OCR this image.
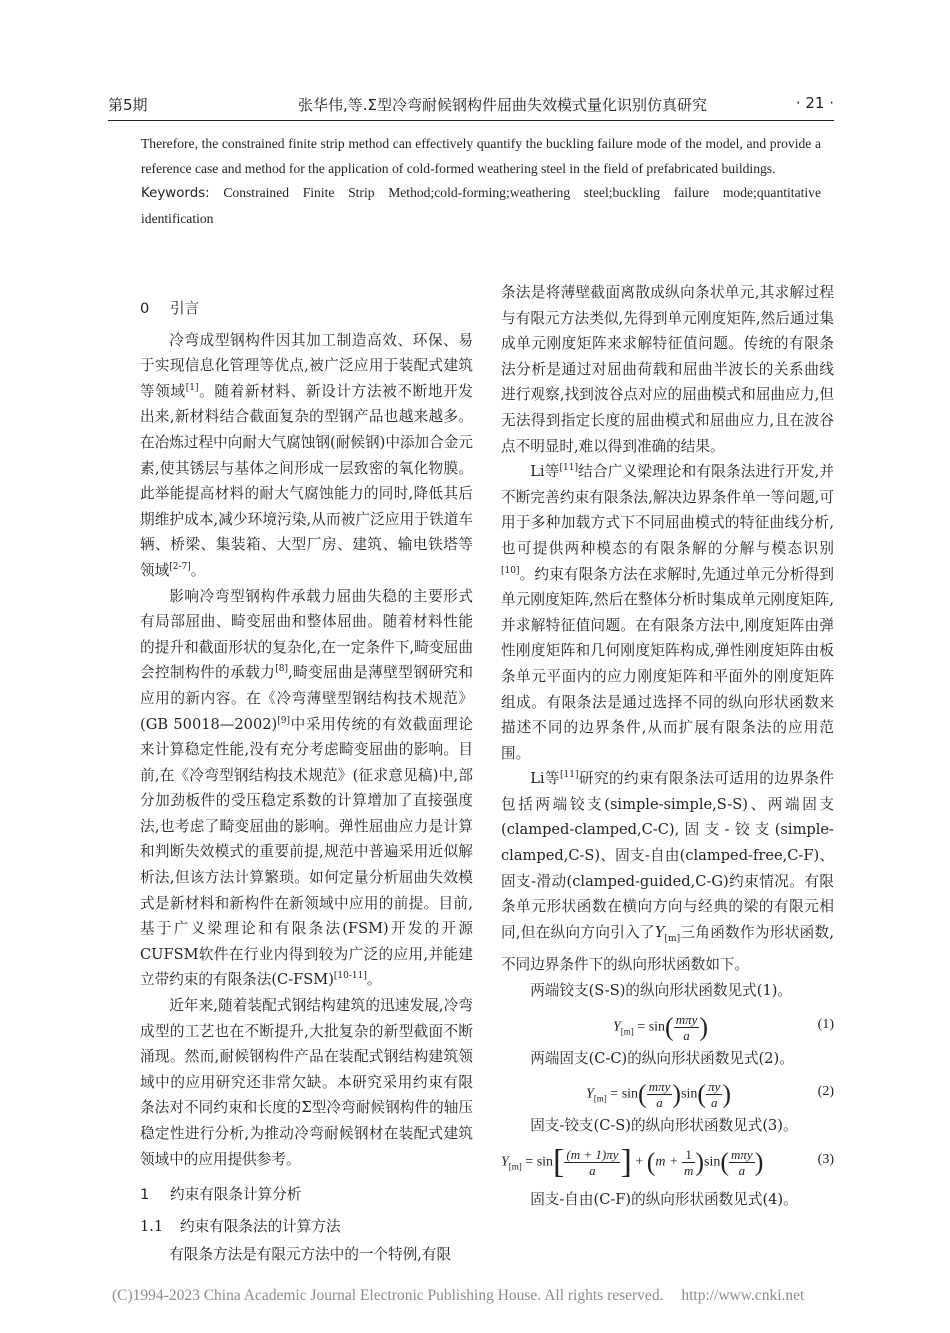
第5期	张华伟,等.Σ型冷弯耐候钢构件屈曲失效模式量化识别仿真研究	· 21 ·

Therefore, the constrained finite strip method can effectively quantify the buckling failure mode of the model, and provide a reference case and method for the application of cold-formed weathering steel in the field of prefabricated buildings.

Keywords: Constrained Finite Strip Method;cold-forming;weathering steel;buckling failure mode;quantitative identification

0 引言

冷弯成型钢构件因其加工制造高效、环保、易于实现信息化管理等优点,被广泛应用于装配式建筑等领域[1]。随着新材料、新设计方法被不断地开发出来,新材料结合截面复杂的型钢产品也越来越多。在冶炼过程中向耐大气腐蚀钢(耐候钢)中添加合金元素,使其锈层与基体之间形成一层致密的氧化物膜。此举能提高材料的耐大气腐蚀能力的同时,降低其后期维护成本,减少环境污染,从而被广泛应用于铁道车辆、桥梁、集装箱、大型厂房、建筑、输电铁塔等领域[2-7]。

影响冷弯型钢构件承载力屈曲失稳的主要形式有局部屈曲、畸变屈曲和整体屈曲。随着材料性能的提升和截面形状的复杂化,在一定条件下,畸变屈曲会控制构件的承载力[8],畸变屈曲是薄壁型钢研究和应用的新内容。在《冷弯薄壁型钢结构技术规范》(GB 50018—2002)[9]中采用传统的有效截面理论来计算稳定性能,没有充分考虑畸变屈曲的影响。目前,在《冷弯型钢结构技术规范》(征求意见稿)中,部分加劲板件的受压稳定系数的计算增加了直接强度法,也考虑了畸变屈曲的影响。弹性屈曲应力是计算和判断失效模式的重要前提,规范中普遍采用近似解析法,但该方法计算繁琐。如何定量分析屈曲失效模式是新材料和新构件在新领域中应用的前提。目前,基于广义梁理论和有限条法(FSM)开发的开源CUFSM软件在行业内得到较为广泛的应用,并能建立带约束的有限条法(C-FSM)[10-11]。

近年来,随着装配式钢结构建筑的迅速发展,冷弯成型的工艺也在不断提升,大批复杂的新型截面不断涌现。然而,耐候钢构件产品在装配式钢结构建筑领域中的应用研究还非常欠缺。本研究采用约束有限条法对不同约束和长度的Σ型冷弯耐候钢构件的轴压稳定性进行分析,为推动冷弯耐候钢材在装配式建筑领域中的应用提供参考。

1 约束有限条计算分析
1.1 约束有限条法的计算方法

有限条方法是有限元方法中的一个特例,有限

条法是将薄壁截面离散成纵向条状单元,其求解过程与有限元方法类似,先得到单元刚度矩阵,然后通过集成单元刚度矩阵来求解特征值问题。传统的有限条法分析是通过对屈曲荷载和屈曲半波长的关系曲线进行观察,找到波谷点对应的屈曲模式和屈曲应力,但无法得到指定长度的屈曲模式和屈曲应力,且在波谷点不明显时,难以得到准确的结果。

Li等[11]结合广义梁理论和有限条法进行开发,并不断完善约束有限条法,解决边界条件单一等问题,可用于多种加载方式下不同屈曲模式的特征曲线分析,也可提供两种模态的有限条解的分解与模态识别[10]。约束有限条方法在求解时,先通过单元分析得到单元刚度矩阵,然后在整体分析时集成单元刚度矩阵,并求解特征值问题。在有限条方法中,刚度矩阵由弹性刚度矩阵和几何刚度矩阵构成,弹性刚度矩阵由板条单元平面内的应力刚度矩阵和平面外的刚度矩阵组成。有限条法是通过选择不同的纵向形状函数来描述不同的边界条件,从而扩展有限条法的应用范围。

Li等[11]研究的约束有限条法可适用的边界条件包括两端铰支(simple-simple,S-S)、两端固支(clamped-clamped,C-C),固支-铰支(simple-clamped,C-S)、固支-自由(clamped-free,C-F)、固支-滑动(clamped-guided,C-G)约束情况。有限条单元形状函数在横向方向与经典的梁的有限元相同,但在纵向方向引入了$Y_{[m]}$三角函数作为形状函数,不同边界条件下的纵向形状函数如下。

两端铰支(S-S)的纵向形状函数见式(1)。

$Y_{[m]} = \sin( \frac{\text{mπy}}{a}$ )	(1)

两端固支(C-C)的纵向形状函数见式(2)。

$Y_{[m]} = \sin( \frac{\text{mπy}}{a} )\sin( \frac{\pi y}{a}$ )	(2)

固支-铰支(C-S)的纵向形状函数见式(3)。

$Y_{[m]} = \sin[ \frac{(m + 1)\pi y}{a}$ ] + $(m + \frac{1}{m} )\sin( \frac{\text{mπy}}{a}$ )	(3)

固支-自由(C-F)的纵向形状函数见式(4)。

(C)1994-2023 China Academic Journal Electronic Publishing House. All rights reserved. http://www.cnki.net
